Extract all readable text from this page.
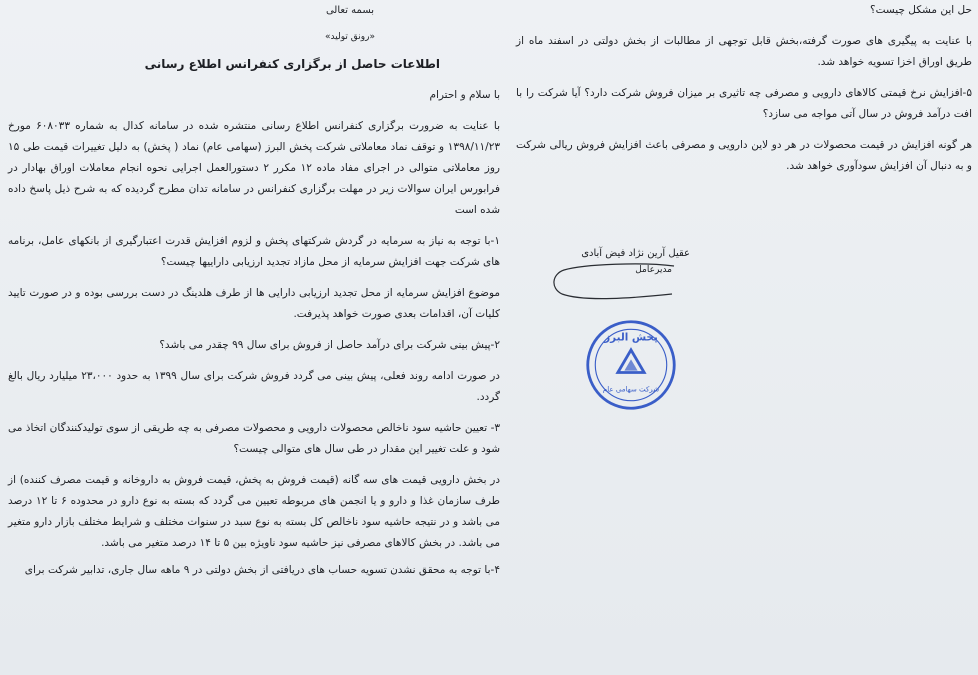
بسمه تعالی

«رونق تولید»

اطلاعات حاصل از برگزاری کنفرانس اطلاع رسانی

با سلام و احترام

با عنایت به ضرورت برگزاری کنفرانس اطلاع رسانی منتشره شده در سامانه کدال به شماره ۶۰۸۰۳۳ مورخ ۱۳۹۸/۱۱/۲۳ و توقف نماد معاملاتی شرکت پخش البرز (سهامی عام) نماد ( پخش) به دلیل تغییرات قیمت طی ۱۵ روز معاملاتی متوالی در اجرای مفاد ماده ۱۲ مکرر ۲ دستورالعمل اجرایی نحوه انجام معاملات اوراق بهادار در فرابورس ایران سوالات زیر در مهلت برگزاری کنفرانس در سامانه تدان مطرح گردیده که به شرح ذیل پاسخ داده شده است

۱-با توجه به نیاز به سرمایه در گردش شرکتهای پخش و لزوم افزایش قدرت اعتبارگیری از بانکهای عامل، برنامه های شرکت جهت افزایش سرمایه از محل مازاد تجدید ارزیابی داراییها چیست؟

موضوع افزایش سرمایه از محل تجدید ارزیابی دارایی ها از طرف هلدینگ در دست بررسی بوده و در صورت تایید کلیات آن، اقدامات بعدی صورت خواهد پذیرفت.

۲-پیش بینی شرکت برای درآمد حاصل از فروش برای سال ۹۹ چقدر می باشد؟

در صورت ادامه روند فعلی، پیش بینی می گردد فروش شرکت برای سال ۱۳۹۹ به حدود ۲۳،۰۰۰ میلیارد ریال بالغ گردد.

۳- تعیین حاشیه سود ناخالص محصولات دارویی و محصولات مصرفی به چه طریقی از سوی تولیدکنندگان اتخاذ می شود و علت تغییر این مقدار در طی سال های متوالی چیست؟

در بخش دارویی قیمت های سه گانه (قیمت فروش به پخش، قیمت فروش به داروخانه و قیمت مصرف کننده) از طرف سازمان غذا و دارو و یا انجمن های مربوطه تعیین می گردد که بسته به نوع دارو در محدوده ۶ تا ۱۲ درصد می باشد و در نتیجه حاشیه سود ناخالص کل بسته به نوع سبد در سنوات مختلف و شرایط مختلف بازار دارو متغیر می باشد. در بخش کالاهای مصرفی نیز حاشیه سود ناویژه بین ۵ تا ۱۴ درصد متغیر می باشد.

۴-با توجه به محقق نشدن تسویه حساب های دریافتی از بخش دولتی در ۹ ماهه سال جاری، تدابیر شرکت برای

حل این مشکل چیست؟

با عنایت به پیگیری های صورت گرفته،بخش قابل توجهی از مطالبات از بخش دولتی در اسفند ماه از طریق اوراق اخزا تسویه خواهد شد.

۵-افزایش نرخ قیمتی کالاهای دارویی و مصرفی چه تاثیری بر میزان فروش شرکت دارد؟ آیا شرکت را با افت درآمد فروش در سال آتی مواجه می سازد؟

هر گونه افزایش در قیمت محصولات در هر دو لاین دارویی و مصرفی باعث افزایش فروش ریالی شرکت و به دنبال آن افزایش سودآوری خواهد شد.

عقیل آرین نژاد فیض آبادی

مدیرعامل

پخش البرز
شرکت سهامی عام
